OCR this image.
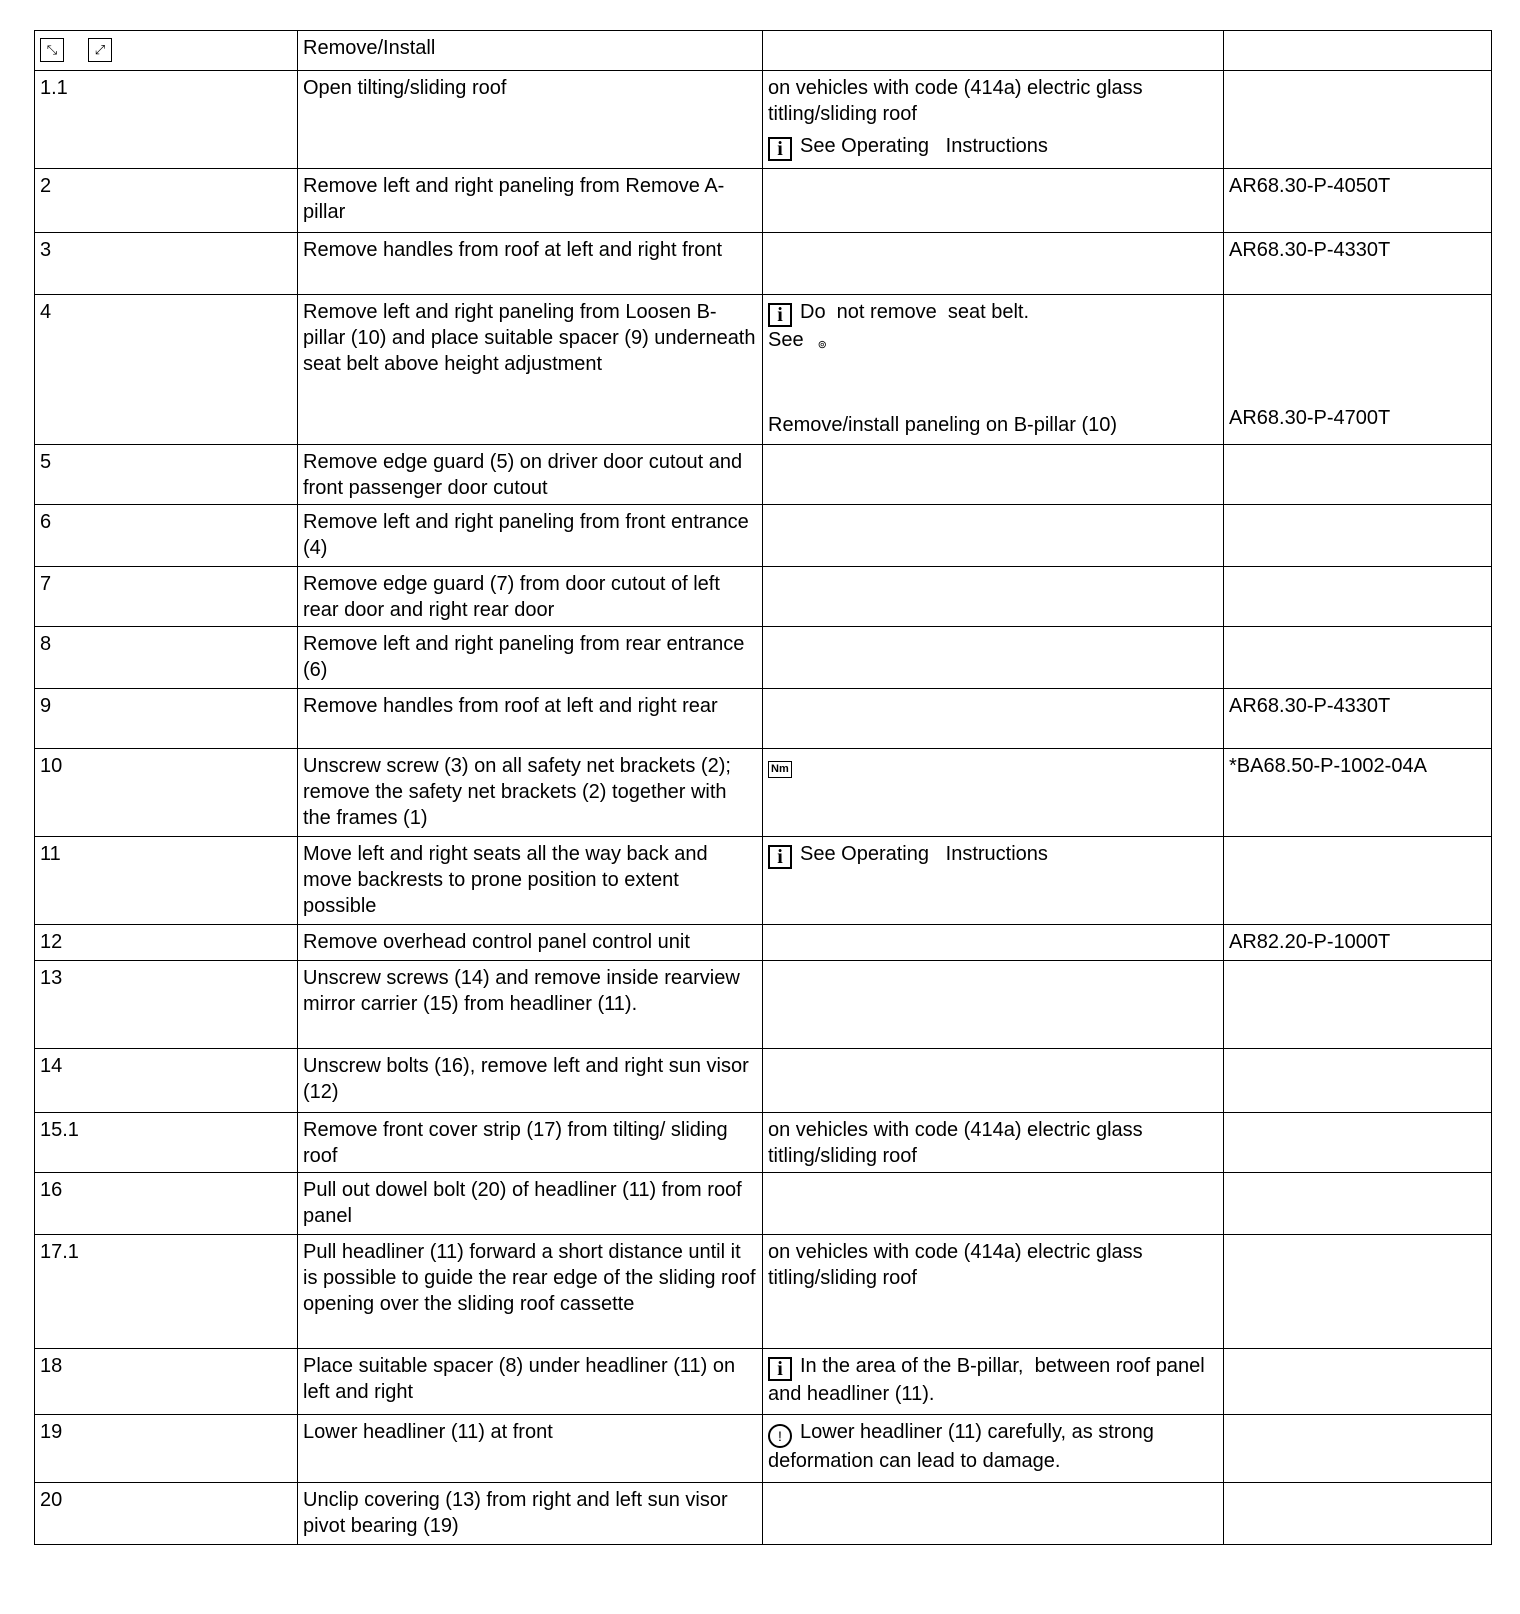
⤡ ⤢	Remove/Install		
1.1	Open tilting/sliding roof	on vehicles with code (414a) electric glass titling/sliding roof
i See Operating   Instructions	

2	Remove left and right paneling from Remove A-pillar		AR68.30-P-4050T
3	Remove handles from roof at left and right front		AR68.30-P-4330T
4	Remove left and right paneling from Loosen B-pillar (10) and place suitable spacer (9) underneath seat belt above height adjustment	i Do  not remove  seat belt.
See ⊚
Remove/install paneling on B-pillar (10)	AR68.30-P-4700T

5	Remove edge guard (5) on driver door cutout and front passenger door cutout		
6	Remove left and right paneling from front entrance (4)		
7	Remove edge guard (7) from door cutout of left rear door and right rear door		
8	Remove left and right paneling from rear entrance (6)		
9	Remove handles from roof at left and right rear		AR68.30-P-4330T
10	Unscrew screw (3) on all safety net brackets (2); remove the safety net brackets (2) together with the frames (1)	Nm	*BA68.50-P-1002-04A
11	Move left and right seats all the way back and move backrests to prone position to extent possible	i See Operating   Instructions	
12	Remove overhead control panel control unit		AR82.20-P-1000T
13	Unscrew screws (14) and remove inside rearview mirror carrier (15) from headliner (11).		
14	Unscrew bolts (16), remove left and right sun visor (12)		
15.1	Remove front cover strip (17) from tilting/ sliding roof	on vehicles with code (414a) electric glass titling/sliding roof	
16	Pull out dowel bolt (20) of headliner (11) from roof panel		
17.1	Pull headliner (11) forward a short distance until it is possible to guide the rear edge of the sliding roof opening over the sliding roof cassette	on vehicles with code (414a) electric glass titling/sliding roof	
18	Place suitable spacer (8) under headliner (11) on left and right	i In the area of the B-pillar,  between roof panel and headliner (11).	
19	Lower headliner (11) at front	! Lower headliner (11) carefully, as strong deformation can lead to damage.	
20	Unclip covering (13) from right and left sun visor pivot bearing (19)		
